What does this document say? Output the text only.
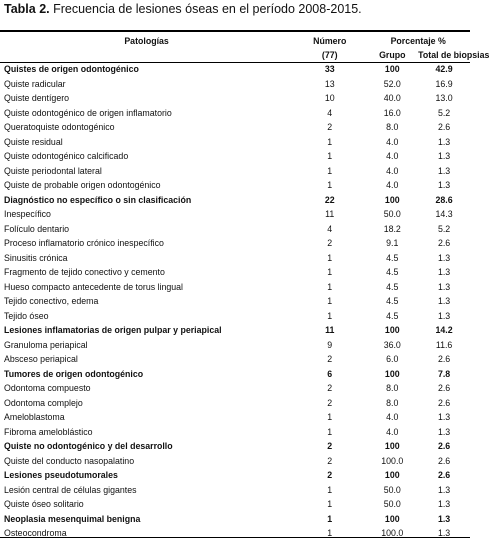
Tabla 2. Frecuencia de lesiones óseas en el período 2008-2015.
Patologías	Número	Porcentaje %	
	(77)	Grupo	Total de biopsias
Quistes de origen odontogénico	33	100	42.9
Quiste radicular	13	52.0	16.9
Quiste dentígero	10	40.0	13.0
Quiste odontogénico de origen inflamatorio	4	16.0	5.2
Queratoquiste odontogénico	2	8.0	2.6
Quiste residual	1	4.0	1.3
Quiste odontogénico calcificado	1	4.0	1.3
Quiste periodontal lateral	1	4.0	1.3
Quiste de probable origen odontogénico	1	4.0	1.3
Diagnóstico no específico o sin clasificación	22	100	28.6
Inespecífico	11	50.0	14.3
Folículo dentario	4	18.2	5.2
Proceso inflamatorio crónico inespecífico	2	9.1	2.6
Sinusitis crónica	1	4.5	1.3
Fragmento de tejido conectivo y cemento	1	4.5	1.3
Hueso compacto antecedente de torus lingual	1	4.5	1.3
Tejido conectivo, edema	1	4.5	1.3
Tejido óseo	1	4.5	1.3
Lesiones inflamatorias de origen pulpar y periapical	11	100	14.2
Granuloma periapical	9	36.0	11.6
Absceso periapical	2	6.0	2.6
Tumores de origen odontogénico	6	100	7.8
Odontoma compuesto	2	8.0	2.6
Odontoma complejo	2	8.0	2.6
Ameloblastoma	1	4.0	1.3
Fibroma ameloblástico	1	4.0	1.3
Quiste no odontogénico y del desarrollo	2	100	2.6
Quiste del conducto nasopalatino	2	100.0	2.6
Lesiones pseudotumorales	2	100	2.6
Lesión central de células gigantes	1	50.0	1.3
Quiste óseo solitario	1	50.0	1.3
Neoplasia mesenquimal benigna	1	100	1.3
Osteocondroma	1	100.0	1.3
